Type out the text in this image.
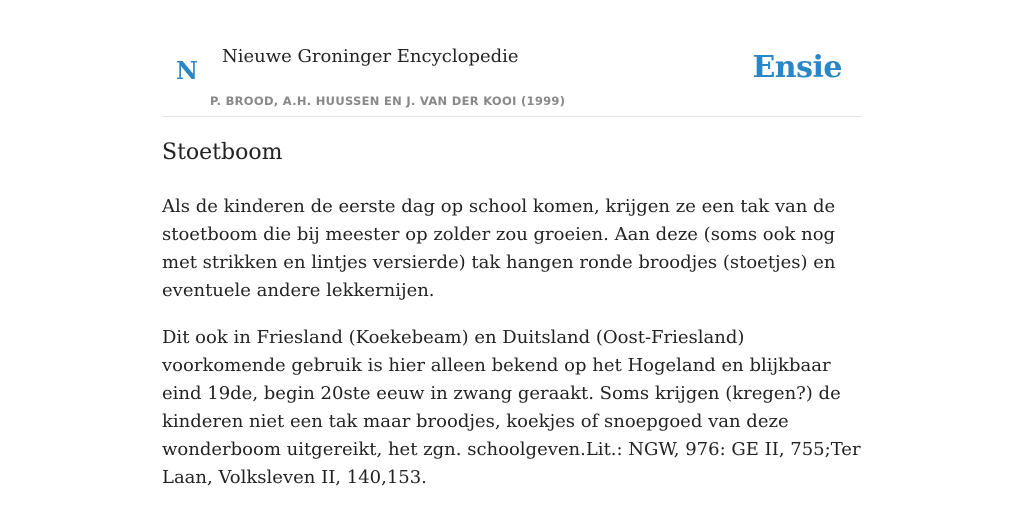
N Nieuwe Groninger Encyclopedie
P. BROOD, A.H. HUUSSEN EN J. VAN DER KOOI (1999)
Ensie
Stoetboom

Als de kinderen de eerste dag op school komen, krijgen ze een tak van de stoetboom die bij meester op zolder zou groeien. Aan deze (soms ook nog met strikken en lintjes versierde) tak hangen ronde broodjes (stoetjes) en eventuele andere lekkernijen.

Dit ook in Friesland (Koekebeam) en Duitsland (Oost-Friesland) voorkomende gebruik is hier alleen bekend op het Hogeland en blijkbaar eind 19de, begin 20ste eeuw in zwang geraakt. Soms krijgen (kregen?) de kinderen niet een tak maar broodjes, koekjes of snoepgoed van deze wonderboom uitgereikt, het zgn. schoolgeven.Lit.: NGW, 976: GE II, 755;Ter Laan, Volksleven II, 140,153.
